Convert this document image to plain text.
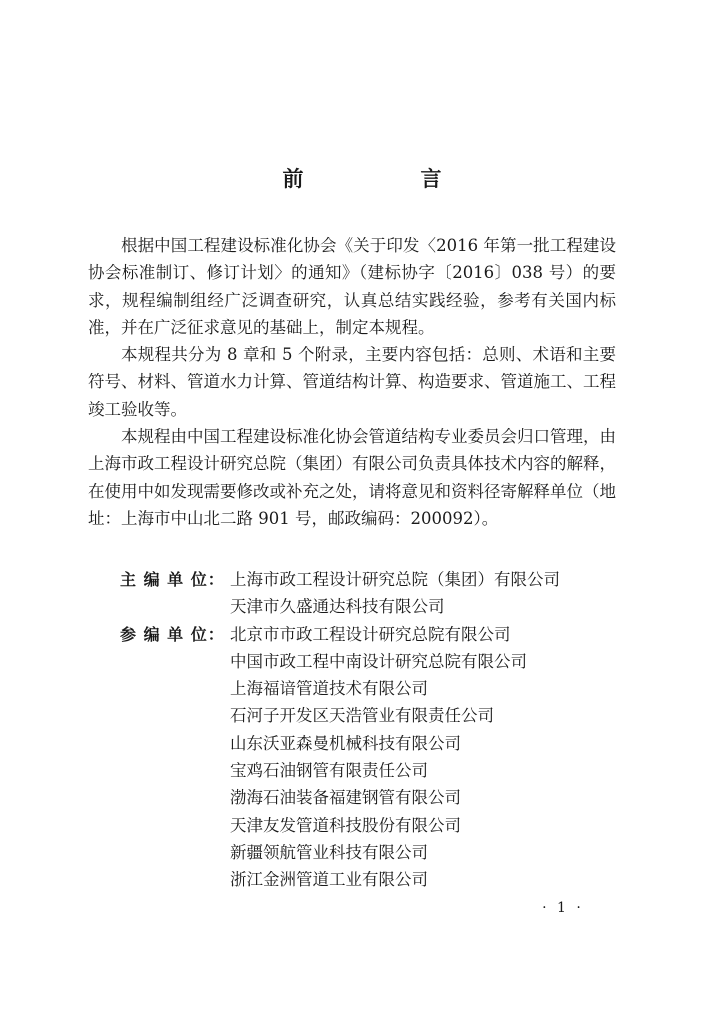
前　言

根据中国工程建设标准化协会《关于印发〈2016 年第一批工程建设协会标准制订、修订计划〉的通知》（建标协字〔2016〕038 号）的要求，规程编制组经广泛调查研究，认真总结实践经验，参考有关国内标准，并在广泛征求意见的基础上，制定本规程。

本规程共分为 8 章和 5 个附录，主要内容包括：总则、术语和主要符号、材料、管道水力计算、管道结构计算、构造要求、管道施工、工程竣工验收等。

本规程由中国工程建设标准化协会管道结构专业委员会归口管理，由上海市政工程设计研究总院（集团）有限公司负责具体技术内容的解释，在使用中如发现需要修改或补充之处，请将意见和资料径寄解释单位（地址：上海市中山北二路 901 号，邮政编码：200092）。

主 编 单 位： 上海市政工程设计研究总院（集团）有限公司
天津市久盛通达科技有限公司
参 编 单 位： 北京市市政工程设计研究总院有限公司
中国市政工程中南设计研究总院有限公司
上海福谙管道技术有限公司
石河子开发区天浩管业有限责任公司
山东沃亚森曼机械科技有限公司
宝鸡石油钢管有限责任公司
渤海石油装备福建钢管有限公司
天津友发管道科技股份有限公司
新疆领航管业科技有限公司
浙江金洲管道工业有限公司
· 1 ·
